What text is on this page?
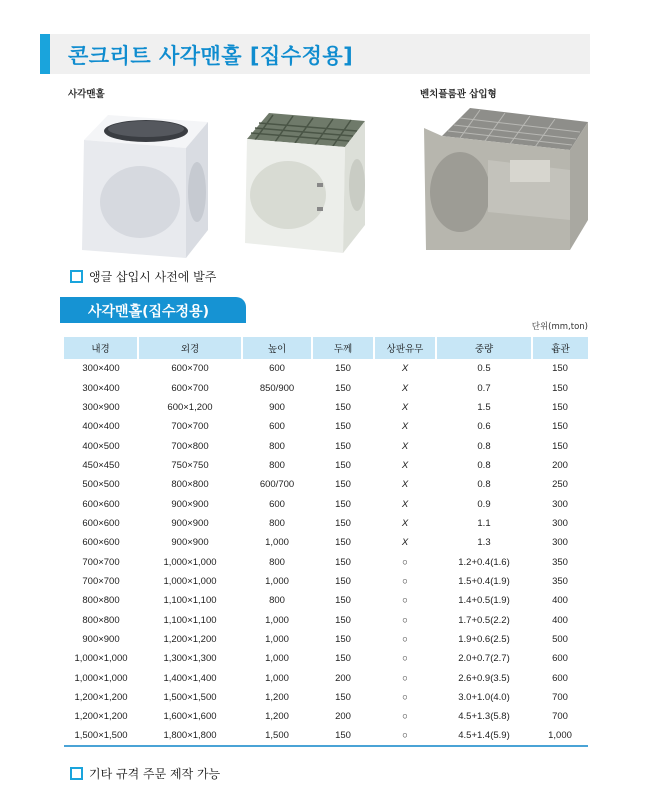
콘크리트 사각맨홀 [집수정용]
사각맨홀	벤치플룸관 삽입형
앵글 삽입시 사전에 발주
사각맨홀(집수정용)
단위(mm,ton)
내경	외경	높이	두께	상판유무	중량	흄관
300×400	600×700	600	150	X	0.5	150
300×400	600×700	850/900	150	X	0.7	150
300×900	600×1,200	900	150	X	1.5	150
400×400	700×700	600	150	X	0.6	150
400×500	700×800	800	150	X	0.8	150
450×450	750×750	800	150	X	0.8	200
500×500	800×800	600/700	150	X	0.8	250
600×600	900×900	600	150	X	0.9	300
600×600	900×900	800	150	X	1.1	300
600×600	900×900	1,000	150	X	1.3	300
700×700	1,000×1,000	800	150	○	1.2+0.4(1.6)	350
700×700	1,000×1,000	1,000	150	○	1.5+0.4(1.9)	350
800×800	1,100×1,100	800	150	○	1.4+0.5(1.9)	400
800×800	1,100×1,100	1,000	150	○	1.7+0.5(2.2)	400
900×900	1,200×1,200	1,000	150	○	1.9+0.6(2.5)	500
1,000×1,000	1,300×1,300	1,000	150	○	2.0+0.7(2.7)	600
1,000×1,000	1,400×1,400	1,000	200	○	2.6+0.9(3.5)	600
1,200×1,200	1,500×1,500	1,200	150	○	3.0+1.0(4.0)	700
1,200×1,200	1,600×1,600	1,200	200	○	4.5+1.3(5.8)	700
1,500×1,500	1,800×1,800	1,500	150	○	4.5+1.4(5.9)	1,000
기타 규격 주문 제작 가능
